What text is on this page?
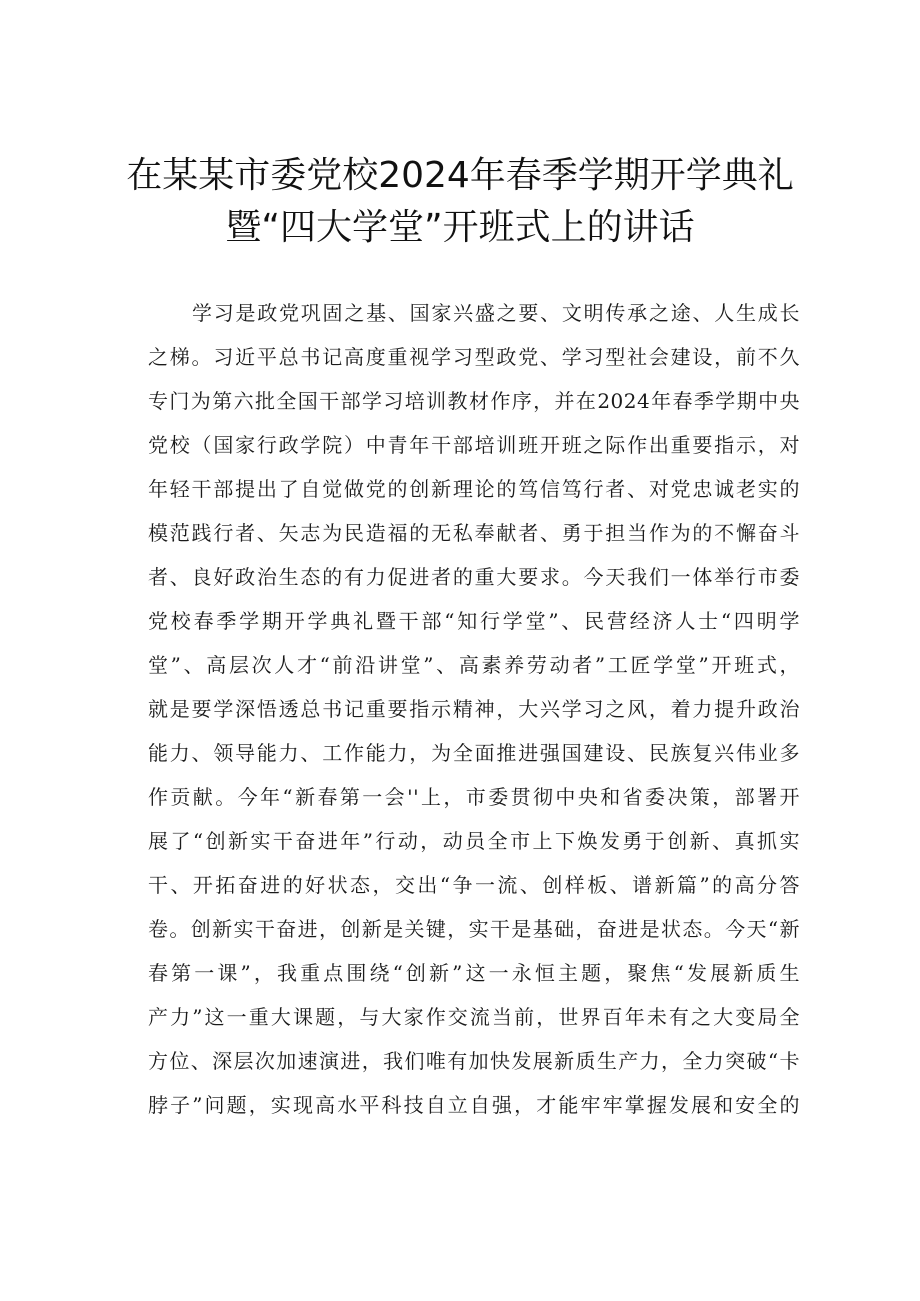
在某某市委党校2024年春季学期开学典礼
暨“四大学堂”开班式上的讲话
学习是政党巩固之基、国家兴盛之要、文明传承之途、人生成长
之梯。习近平总书记高度重视学习型政党、学习型社会建设，前不久
专门为第六批全国干部学习培训教材作序，并在2024年春季学期中央
党校（国家行政学院）中青年干部培训班开班之际作出重要指示，对
年轻干部提出了自觉做党的创新理论的笃信笃行者、对党忠诚老实的
模范践行者、矢志为民造福的无私奉献者、勇于担当作为的不懈奋斗
者、良好政治生态的有力促进者的重大要求。今天我们一体举行市委
党校春季学期开学典礼暨干部“知行学堂”、民营经济人士“四明学
堂”、高层次人才“前沿讲堂”、高素养劳动者”工匠学堂”开班式，
就是要学深悟透总书记重要指示精神，大兴学习之风，着力提升政治
能力、领导能力、工作能力，为全面推进强国建设、民族复兴伟业多
作贡献。今年“新春第一会''上，市委贯彻中央和省委决策，部署开
展了“创新实干奋进年”行动，动员全市上下焕发勇于创新、真抓实
干、开拓奋进的好状态，交出“争一流、创样板、谱新篇”的高分答
卷。创新实干奋进，创新是关键，实干是基础，奋进是状态。今天“新
春第一课”，我重点围绕“创新”这一永恒主题，聚焦“发展新质生
产力”这一重大课题，与大家作交流当前，世界百年未有之大变局全
方位、深层次加速演进，我们唯有加快发展新质生产力，全力突破“卡
脖子”问题，实现高水平科技自立自强，才能牢牢掌握发展和安全的
